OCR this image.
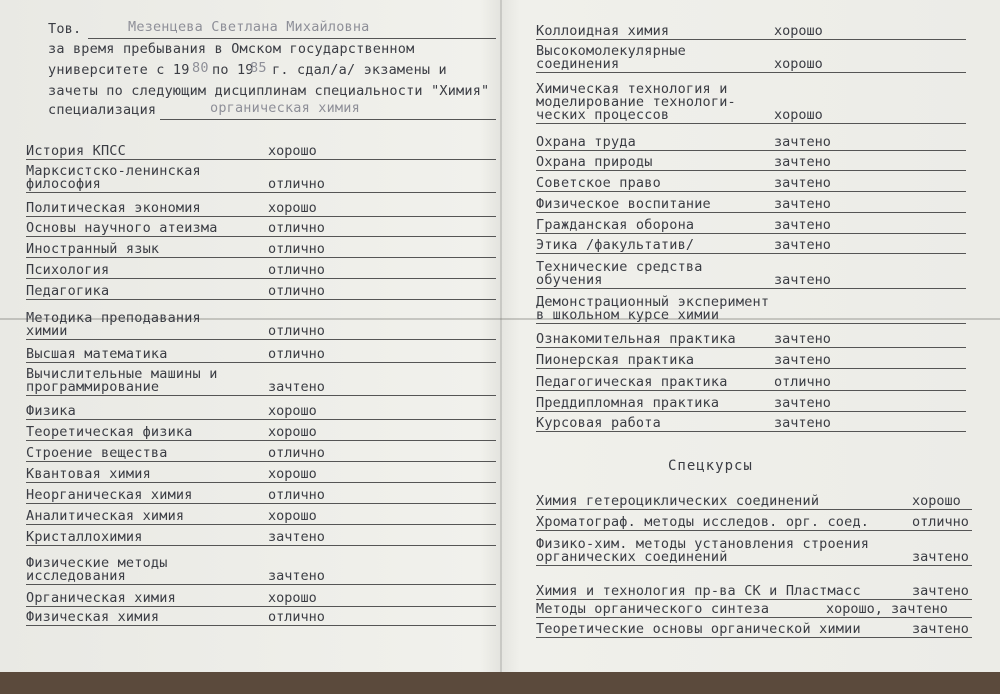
Тов.	Мезенцева Светлана Михайловна
за время пребывания в Омском государственном
университете с 19 80 по 19
85 г. сдал/а/ экзамены и
зачеты по следующим дисциплинам специальности "Химия"
специализация	органическая химия
История КПСС	хорошо
Марксистско-ленинская
философия	отлично
Политическая экономия	хорошо
Основы научного атеизма	отлично
Иностранный язык	отлично
Психология	отлично
Педагогика	отлично
Методика преподавания
химии	отлично
Высшая математика	отлично
Вычислительные машины и
программирование	зачтено
Физика	хорошо
Теоретическая физика	хорошо
Строение вещества	отлично
Квантовая химия	хорошо
Неорганическая химия	отлично
Аналитическая химия	хорошо
Кристаллохимия	зачтено
Физические методы
исследования	зачтено
Органическая химия	хорошо
Физическая химия	отлично
Коллоидная химия	хорошо
Высокомолекулярные
соединения	хорошо
Химическая технология и
моделирование технологи-
ческих процессов	хорошо
Охрана труда	зачтено
Охрана природы	зачтено
Советское право	зачтено
Физическое воспитание	зачтено
Гражданская оборона	зачтено
Этика /факультатив/	зачтено
Технические средства
обучения	зачтено
Демонстрационный эксперимент
в школьном курсе химии
Ознакомительная практика	зачтено
Пионерская практика	зачтено
Педагогическая практика	отлично
Преддипломная практика	зачтено
Курсовая работа	зачтено
Спецкурсы
Химия гетероциклических соединений	хорошо
Хроматограф. методы исследов. орг. соед.	отлично
Физико-хим. методы установления строения
органических соединений	зачтено
Химия и технология пр-ва СК и Пластмасс	зачтено
Методы органического синтеза	хорошо, зачтено
Теоретические основы органической химии	зачтено
